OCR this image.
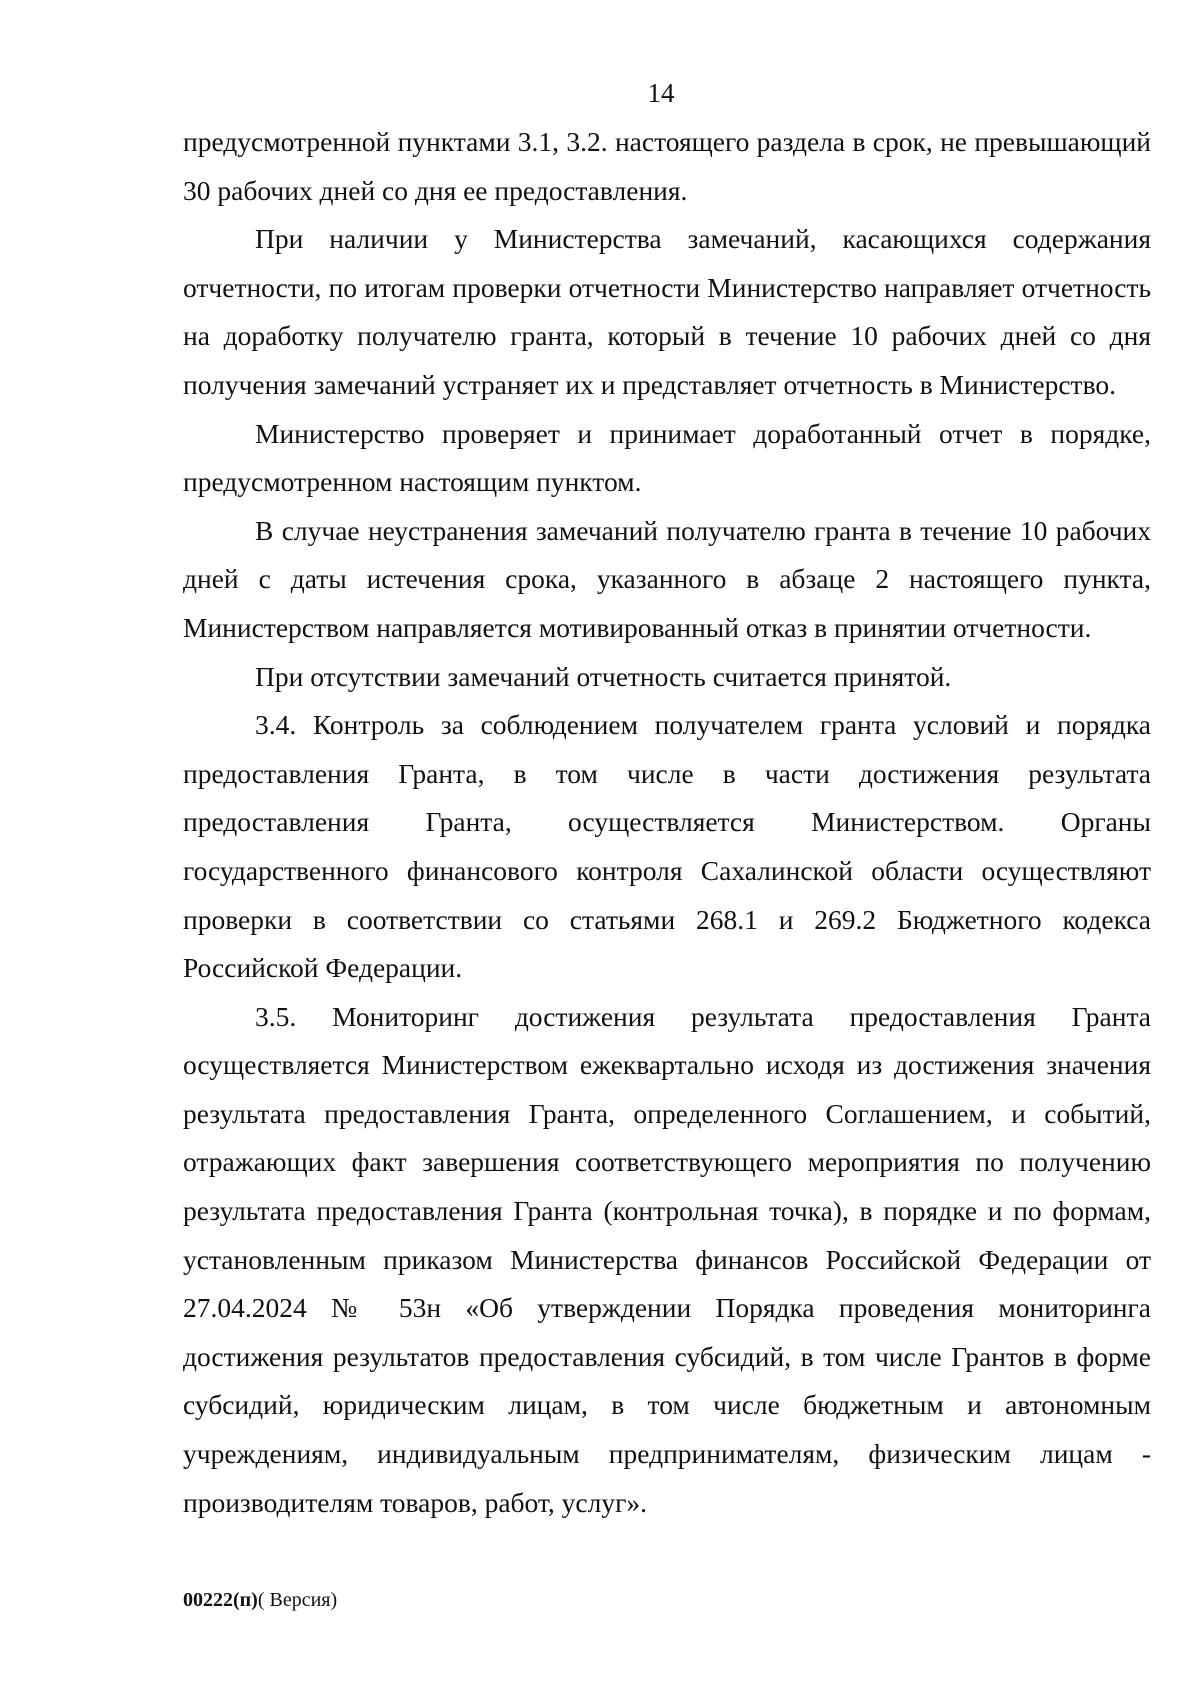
14

предусмотренной пунктами 3.1, 3.2. настоящего раздела в срок, не превышающий 30 рабочих дней со дня ее предоставления.

При наличии у Министерства замечаний, касающихся содержания отчетности, по итогам проверки отчетности Министерство направляет отчетность на доработку получателю гранта, который в течение 10 рабочих дней со дня получения замечаний устраняет их и представляет отчетность в Министерство.

Министерство проверяет и принимает доработанный отчет в порядке, предусмотренном настоящим пунктом.

В случае неустранения замечаний получателю гранта в течение 10 рабочих дней с даты истечения срока, указанного в абзаце 2 настоящего пункта, Министерством направляется мотивированный отказ в принятии отчетности.

При отсутствии замечаний отчетность считается принятой.

3.4. Контроль за соблюдением получателем гранта условий и порядка предоставления Гранта, в том числе в части достижения результата предоставления Гранта, осуществляется Министерством. Органы государственного финансового контроля Сахалинской области осуществляют проверки в соответствии со статьями 268.1 и 269.2 Бюджетного кодекса Российской Федерации.

3.5. Мониторинг достижения результата предоставления Гранта осуществляется Министерством ежеквартально исходя из достижения значения результата предоставления Гранта, определенного Соглашением, и событий, отражающих факт завершения соответствующего мероприятия по получению результата предоставления Гранта (контрольная точка), в порядке и по формам, установленным приказом Министерства финансов Российской Федерации от 27.04.2024 № 53н «Об утверждении Порядка проведения мониторинга достижения результатов предоставления субсидий, в том числе Грантов в форме субсидий, юридическим лицам, в том числе бюджетным и автономным учреждениям, индивидуальным предпринимателям, физическим лицам - производителям товаров, работ, услуг».

00222(п)( Версия)
